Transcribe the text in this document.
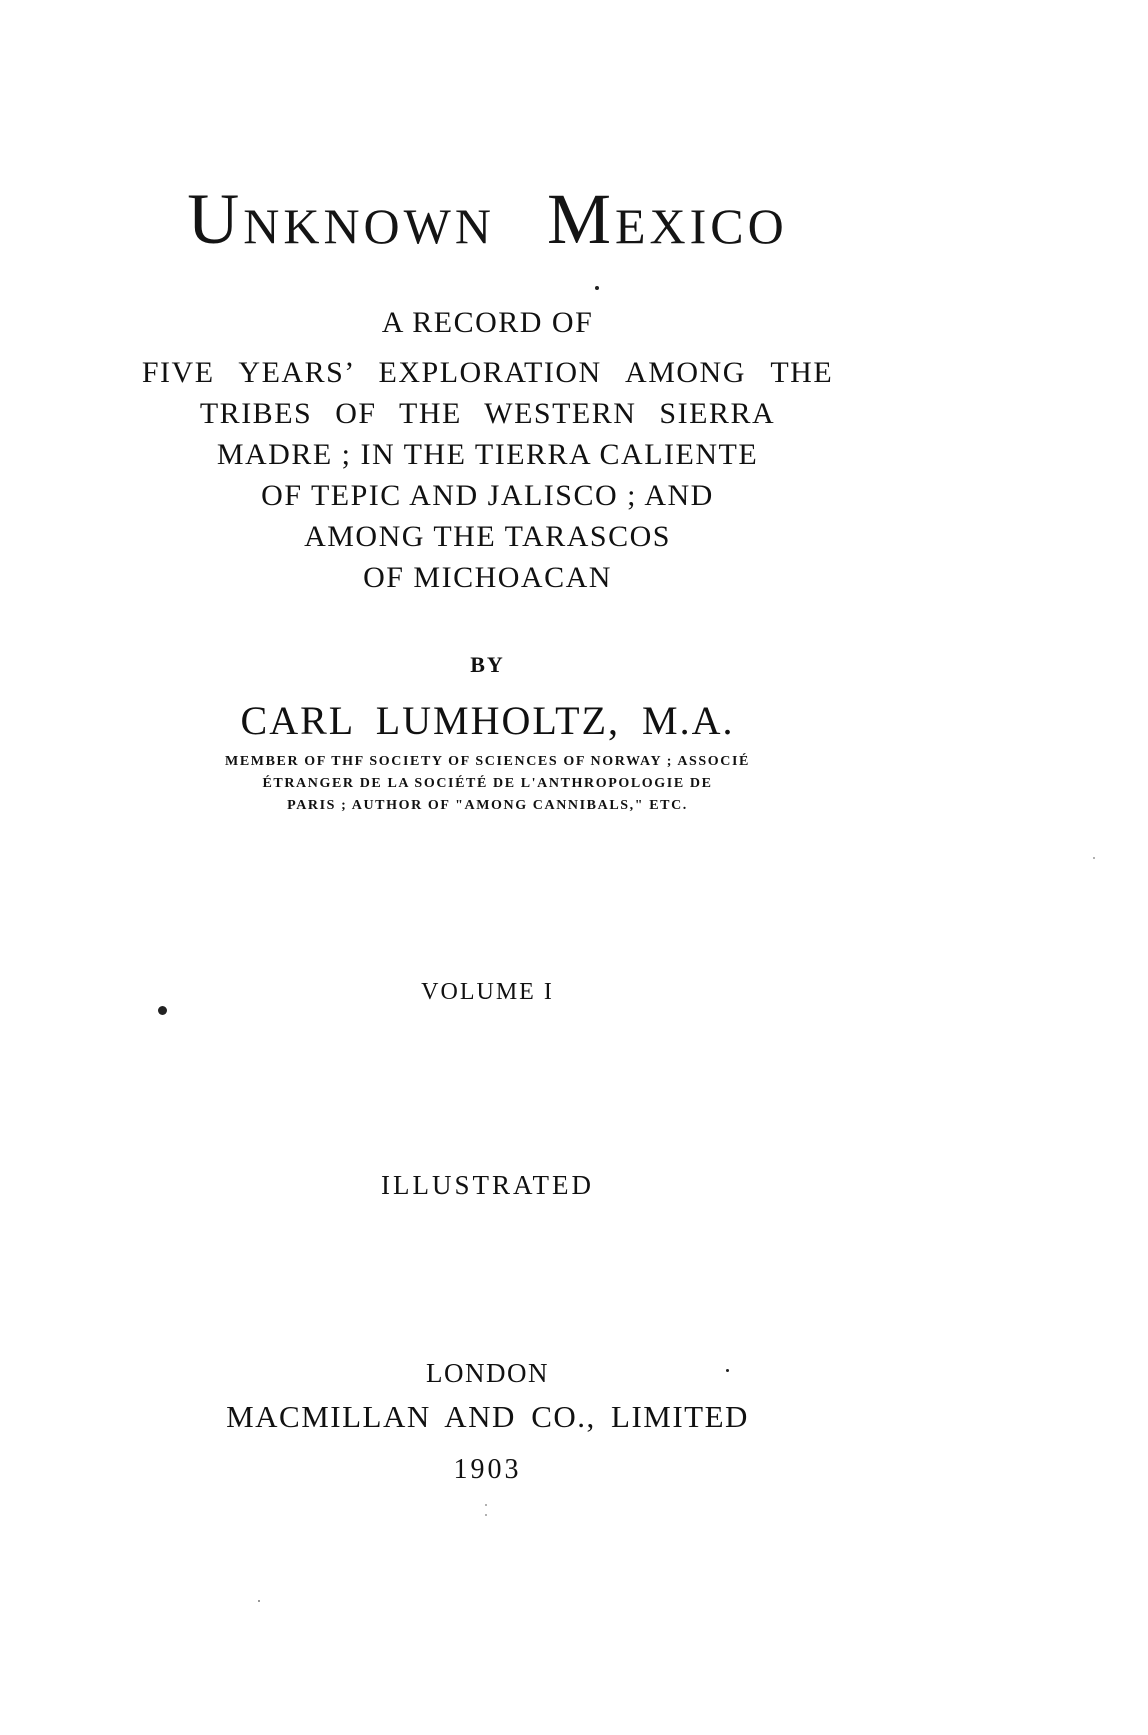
Unknown Mexico
A RECORD OF
FIVE YEARS’ EXPLORATION AMONG THE
TRIBES OF THE WESTERN SIERRA
MADRE ; IN THE TIERRA CALIENTE
OF TEPIC AND JALISCO ; AND
AMONG THE TARASCOS
OF MICHOACAN
BY
CARL LUMHOLTZ, M.A.
MEMBER OF THF SOCIETY OF SCIENCES OF NORWAY ; ASSOCIÉ
ÉTRANGER DE LA SOCIÉTÉ DE L'ANTHROPOLOGIE DE
PARIS ; AUTHOR OF "AMONG CANNIBALS," ETC.
VOLUME I
ILLUSTRATED
LONDON
MACMILLAN AND CO., LIMITED
1903
